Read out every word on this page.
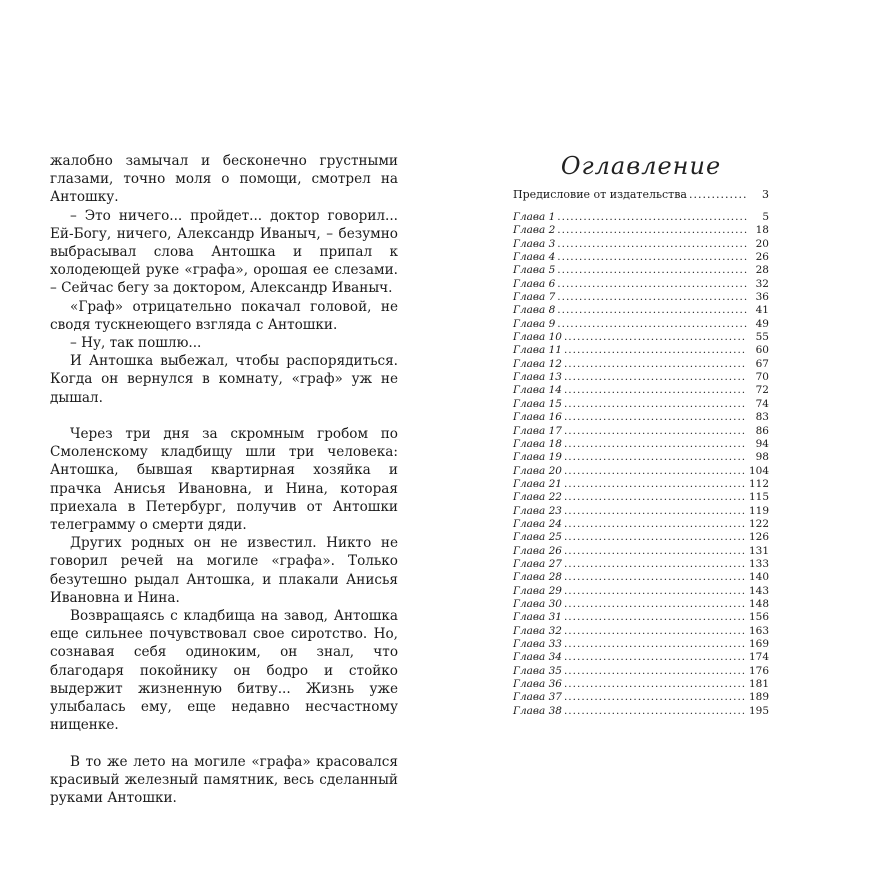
жалобно замычал и бесконечно грустными глазами, точно моля о помощи, смотрел на Антошку.

– Это ничего... пройдет... доктор говорил... Ей-Богу, ничего, Александр Иваныч, – безумно выбрасывал слова Антошка и припал к холодеющей руке «графа», орошая ее слезами. – Сейчас бегу за доктором, Александр Иваныч.

«Граф» отрицательно покачал головой, не сводя тускнеющего взгляда с Антошки.

– Ну, так пошлю...

И Антошка выбежал, чтобы распорядиться. Когда он вернулся в комнату, «граф» уж не дышал.

Через три дня за скромным гробом по Смоленскому кладбищу шли три человека: Антошка, бывшая квартирная хозяйка и прачка Анисья Ивановна, и Нина, которая приехала в Петербург, получив от Антошки телеграмму о смерти дяди.

Других родных он не известил. Никто не говорил речей на могиле «графа». Только безутешно рыдал Антошка, и плакали Анисья Ивановна и Нина.

Возвращаясь с кладбища на завод, Антошка еще сильнее почувствовал свое сиротство. Но, сознавая себя одиноким, он знал, что благодаря покойнику он бодро и стойко выдержит жизненную битву... Жизнь уже улыбалась ему, еще недавно несчастному нищенке.

В то же лето на могиле «графа» красовался красивый железный памятник, весь сделанный руками Антошки.

Оглавление
Предисловие от издательства .....	3
Глава 1 .....	5
Глава 2 .....	18
Глава 3 .....	20
Глава 4 .....	26
Глава 5 .....	28
Глава 6 .....	32
Глава 7 .....	36
Глава 8 .....	41
Глава 9 .....	49
Глава 10 .....	55
Глава 11 .....	60
Глава 12 .....	67
Глава 13 .....	70
Глава 14 .....	72
Глава 15 .....	74
Глава 16 .....	83
Глава 17 .....	86
Глава 18 .....	94
Глава 19 .....	98
Глава 20 .....	104
Глава 21 .....	112
Глава 22 .....	115
Глава 23 .....	119
Глава 24 .....	122
Глава 25 .....	126
Глава 26 .....	131
Глава 27 .....	133
Глава 28 .....	140
Глава 29 .....	143
Глава 30 .....	148
Глава 31 .....	156
Глава 32 .....	163
Глава 33 .....	169
Глава 34 .....	174
Глава 35 .....	176
Глава 36 .....	181
Глава 37 .....	189
Глава 38 .....	195
